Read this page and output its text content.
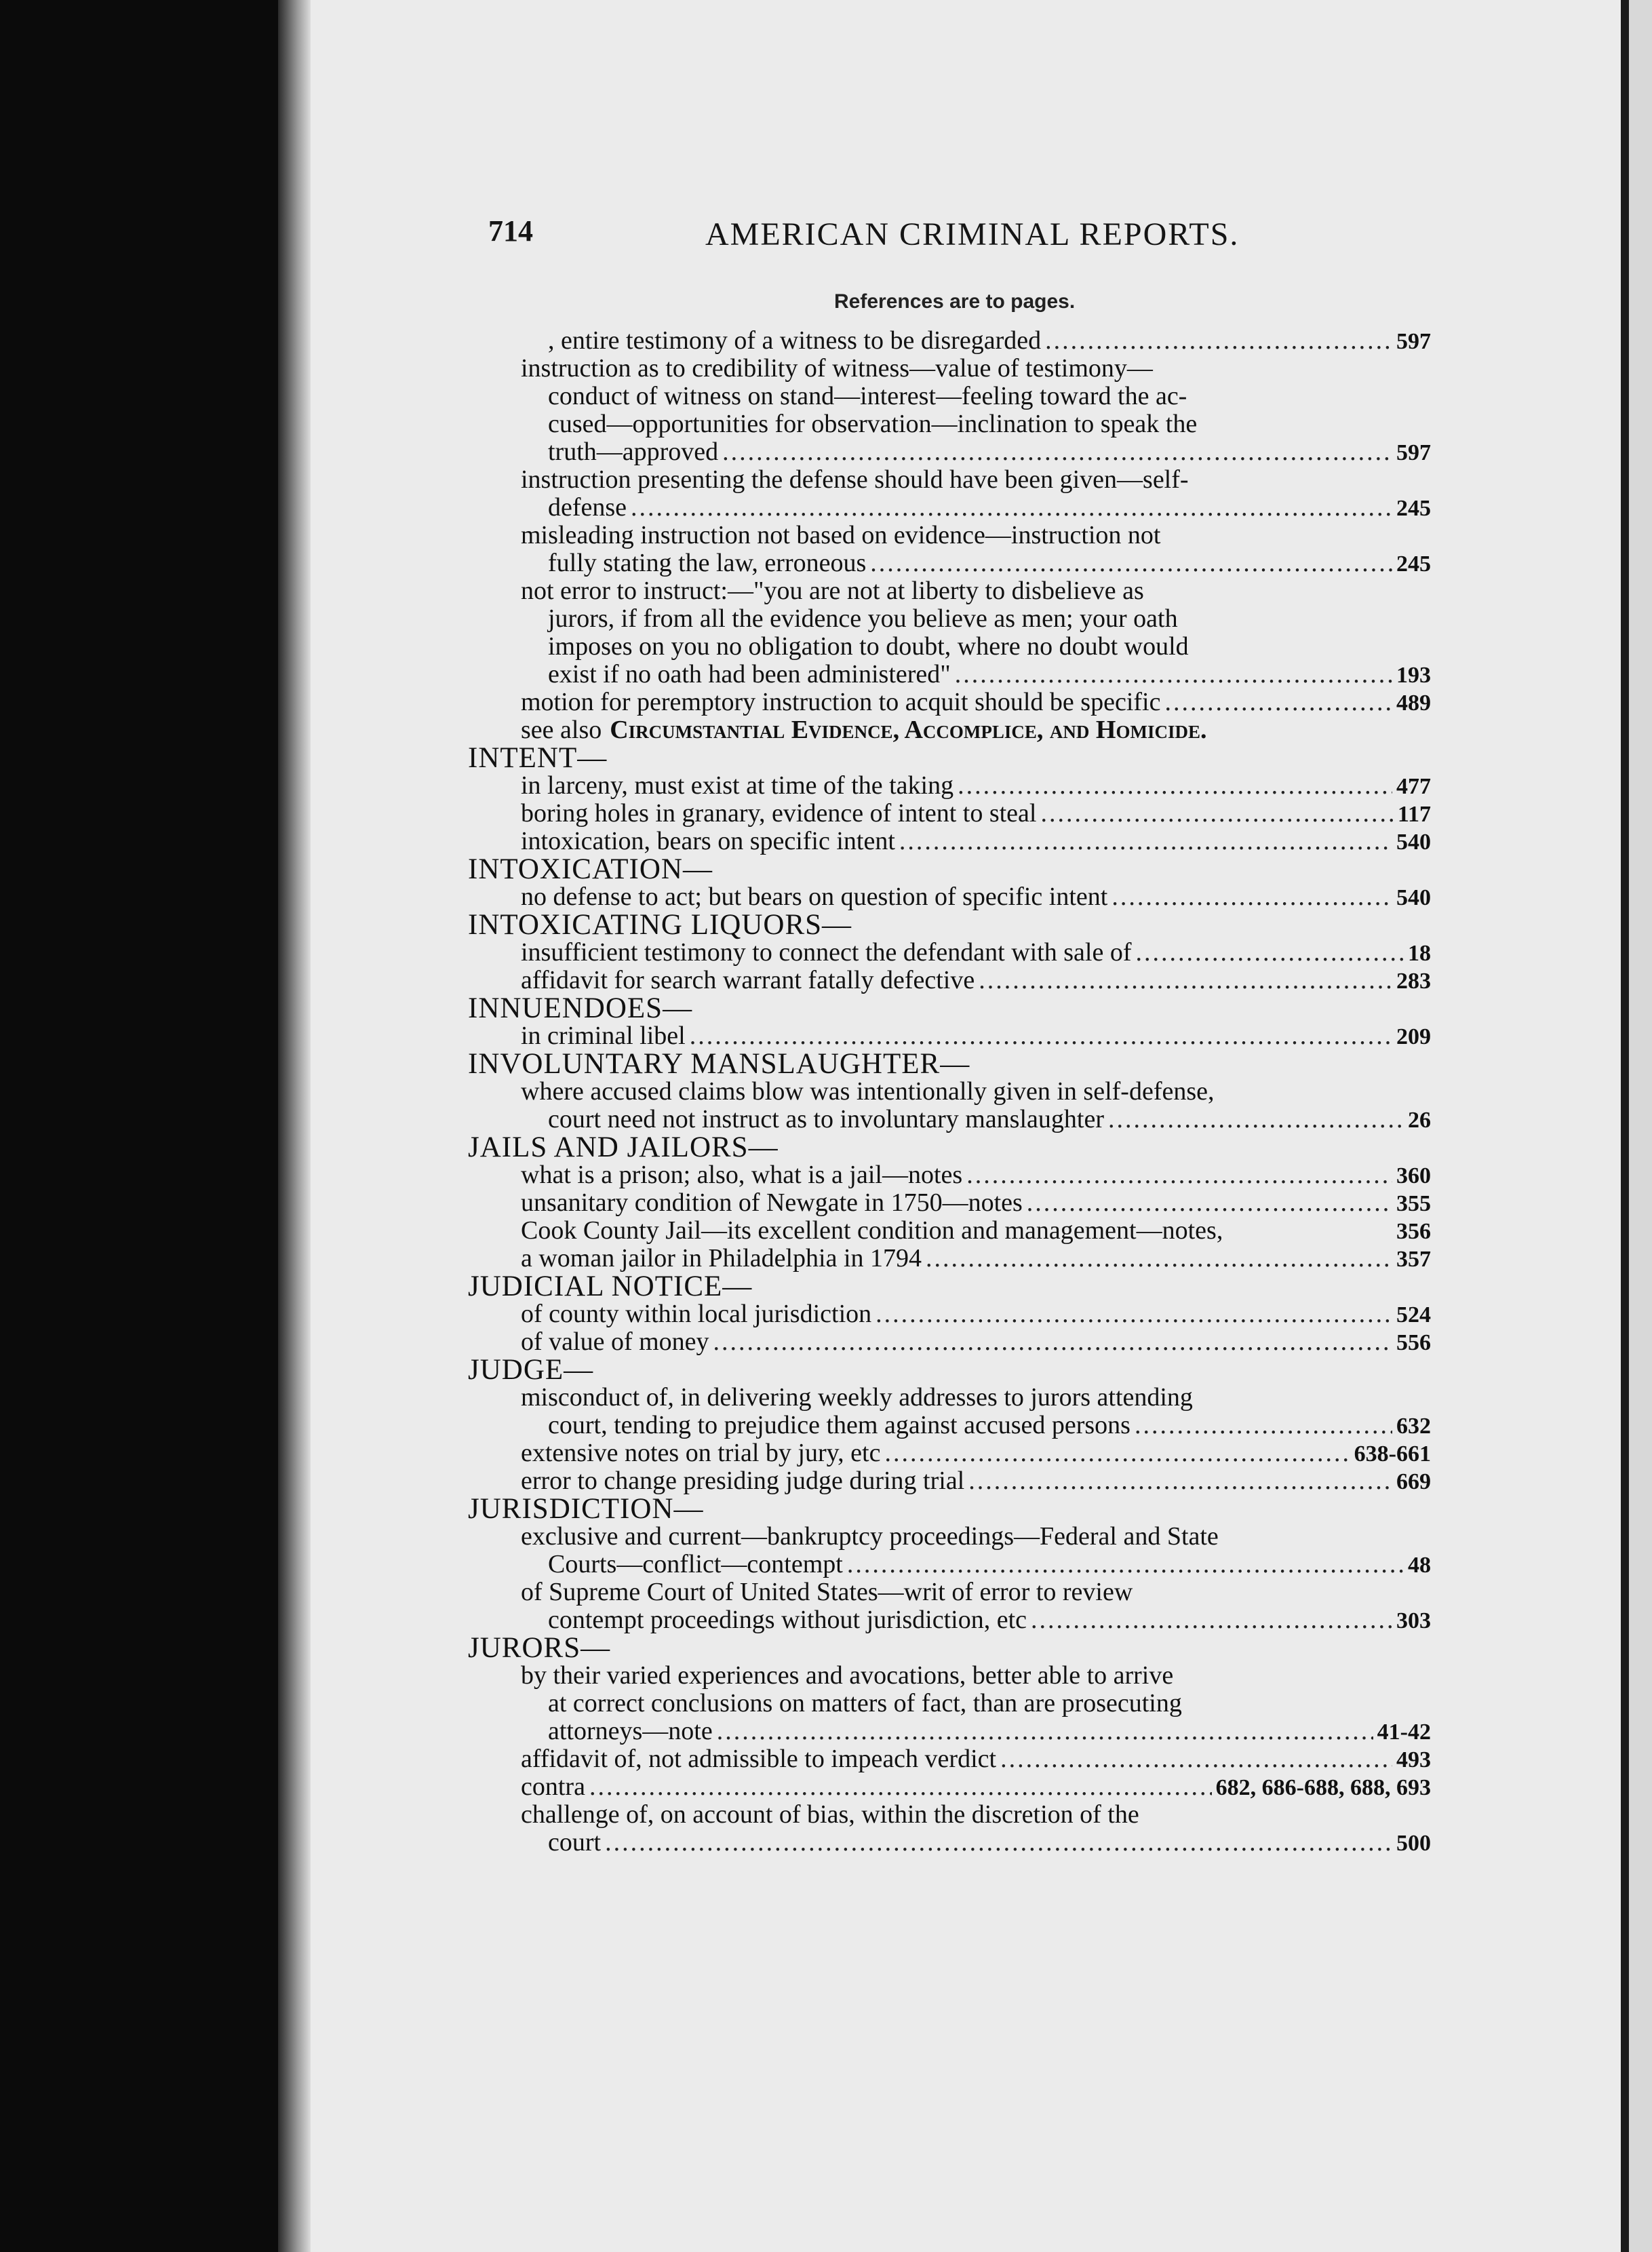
714	AMERICAN CRIMINAL REPORTS.
References are to pages.
, entire testimony of a witness to be disregarded .....	597
instruction as to credibility of witness—value of testimony—
conduct of witness on stand—interest—feeling toward the ac-
cused—opportunities for observation—inclination to speak the
truth—approved .....	597
instruction presenting the defense should have been given—self-
defense .....	245
misleading instruction not based on evidence—instruction not
fully stating the law, erroneous .....	245
not error to instruct:—"you are not at liberty to disbelieve as
jurors, if from all the evidence you believe as men; your oath
imposes on you no obligation to doubt, where no doubt would
exist if no oath had been administered" .....	193
motion for peremptory instruction to acquit should be specific .....	489
see also Circumstantial Evidence, Accomplice, and Homicide.
INTENT—
in larceny, must exist at time of the taking .....	477
boring holes in granary, evidence of intent to steal .....	117
intoxication, bears on specific intent .....	540
INTOXICATION—
no defense to act; but bears on question of specific intent .....	540
INTOXICATING LIQUORS—
insufficient testimony to connect the defendant with sale of .....	18
affidavit for search warrant fatally defective .....	283
INNUENDOES—
in criminal libel .....	209
INVOLUNTARY MANSLAUGHTER—
where accused claims blow was intentionally given in self-defense,
court need not instruct as to involuntary manslaughter .....	26
JAILS AND JAILORS—
what is a prison; also, what is a jail—notes .....	360
unsanitary condition of Newgate in 1750—notes .....	355
Cook County Jail—its excellent condition and management—notes,	356
a woman jailor in Philadelphia in 1794 .....	357
JUDICIAL NOTICE—
of county within local jurisdiction .....	524
of value of money .....	556
JUDGE—
misconduct of, in delivering weekly addresses to jurors attending
court, tending to prejudice them against accused persons .....	632
extensive notes on trial by jury, etc .....	638-661
error to change presiding judge during trial .....	669
JURISDICTION—
exclusive and current—bankruptcy proceedings—Federal and State
Courts—conflict—contempt .....	48
of Supreme Court of United States—writ of error to review
contempt proceedings without jurisdiction, etc .....	303
JURORS—
by their varied experiences and avocations, better able to arrive
at correct conclusions on matters of fact, than are prosecuting
attorneys—note .....	41-42
affidavit of, not admissible to impeach verdict .....	493
contra .....	682, 686-688, 688, 693
challenge of, on account of bias, within the discretion of the
court .....	500
